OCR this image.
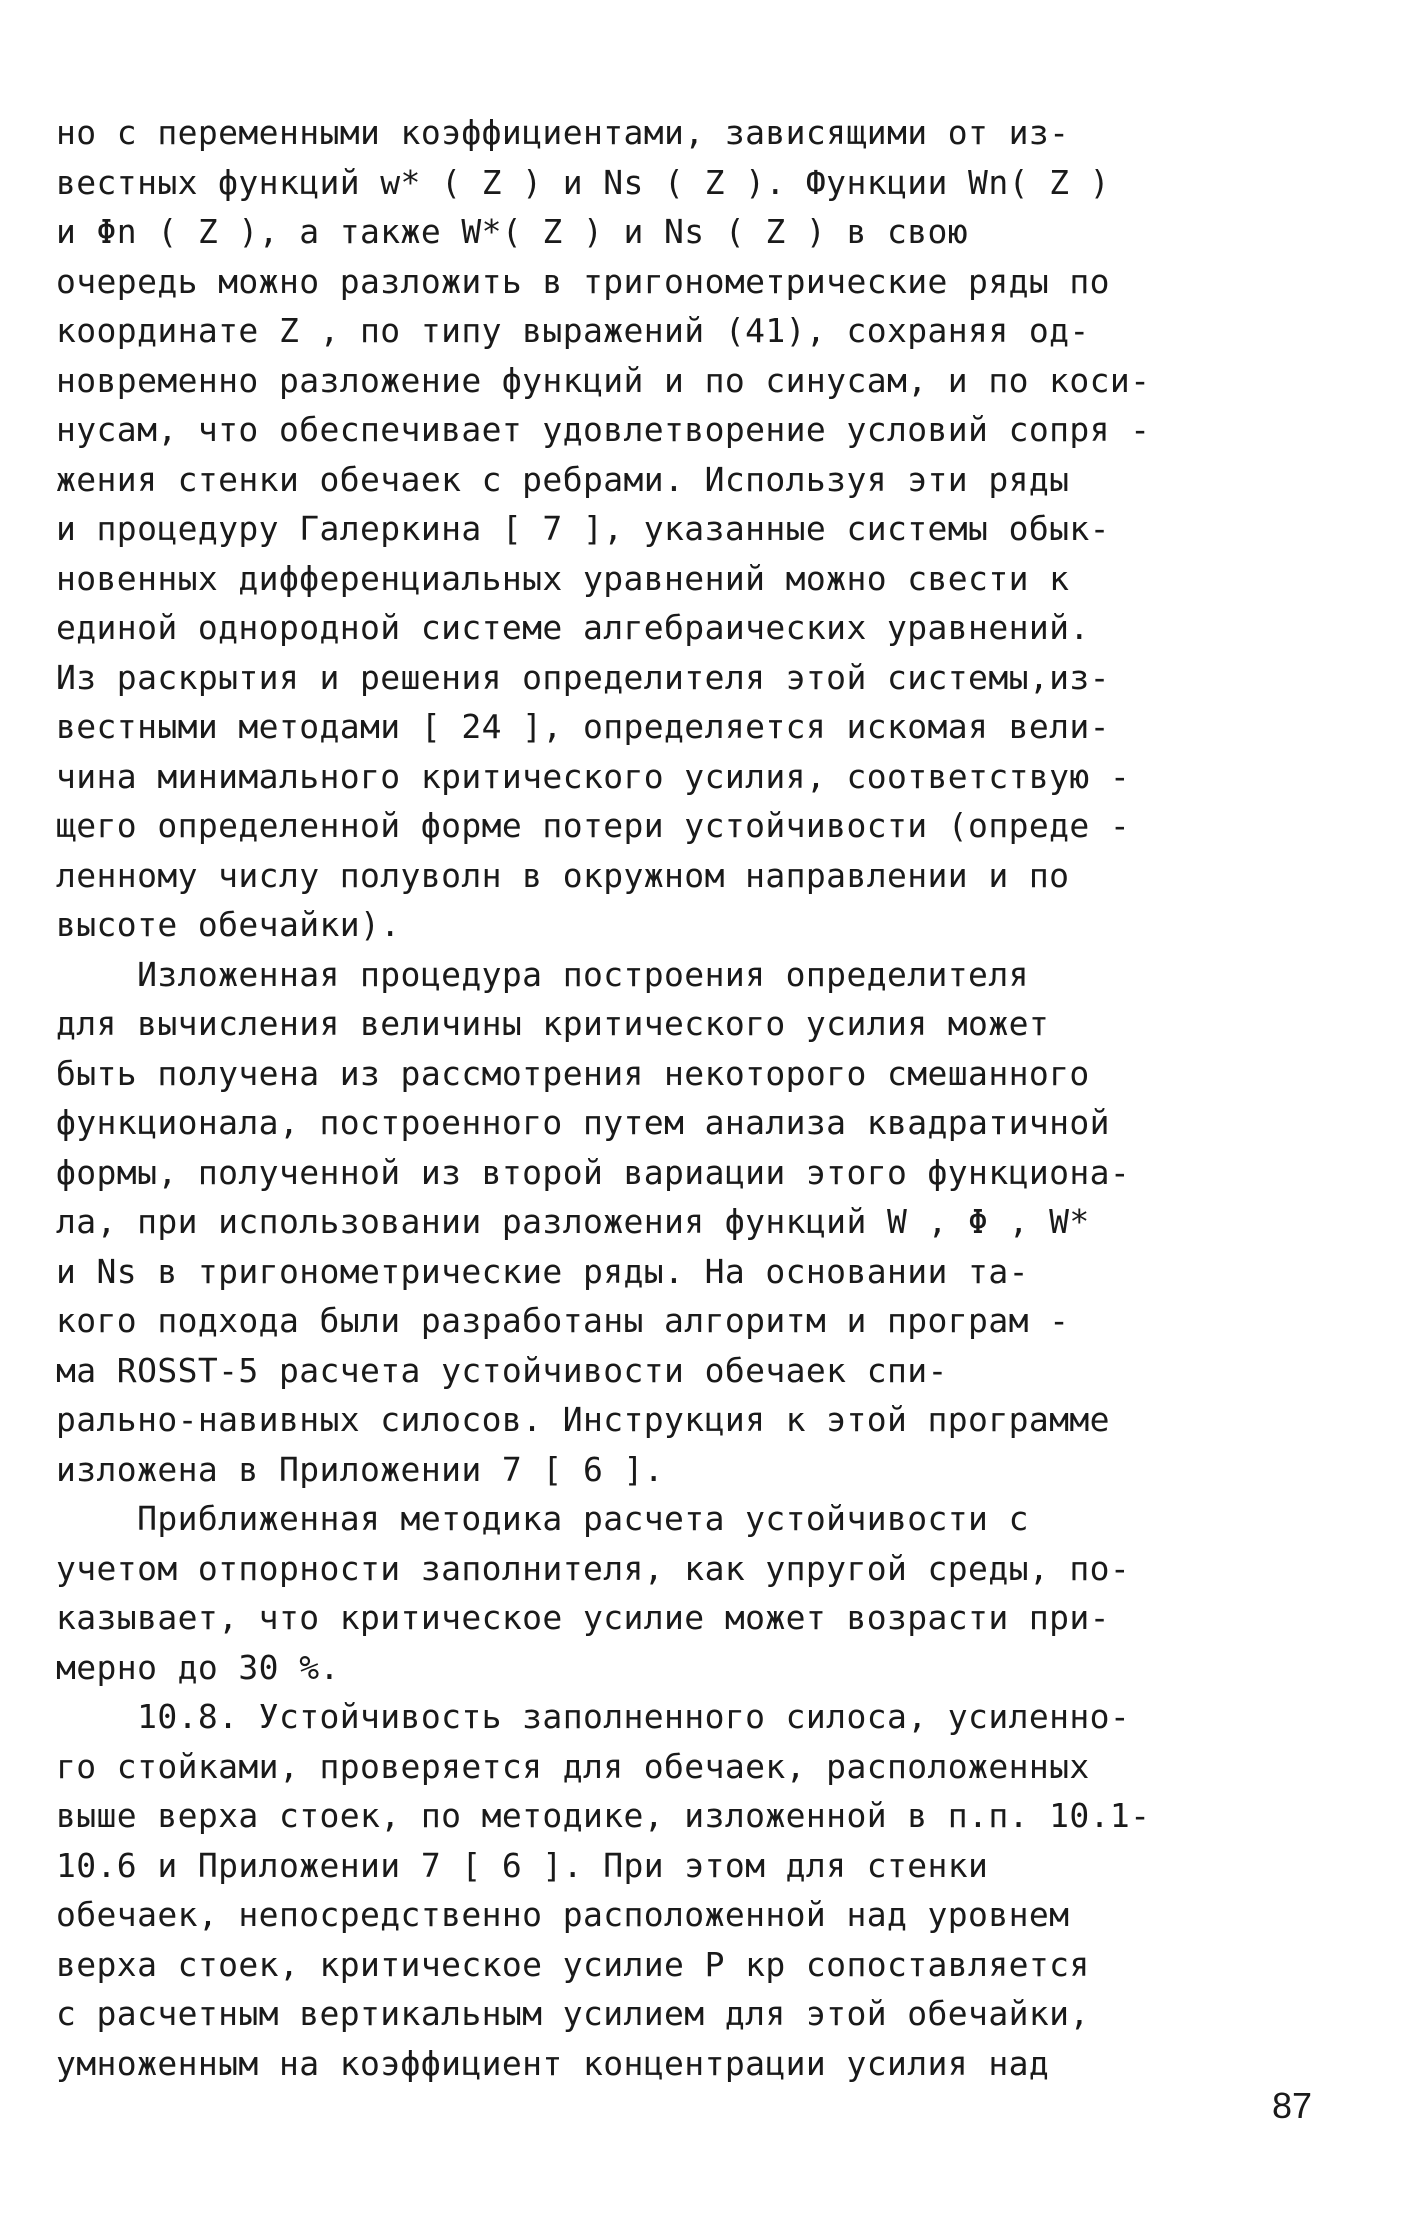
но с переменными коэффициентами, зависящими от из-
вестных функций w* ( Z ) и Ns ( Z ). Функции Wn( Z )
и Φn ( Z ), а также W*( Z ) и Ns ( Z ) в свою
очередь можно разложить в тригонометрические ряды по
координате Z , по типу выражений (41), сохраняя од-
новременно разложение функций и по синусам, и по коси-
нусам, что обеспечивает удовлетворение условий сопря -
жения стенки обечаек с ребрами. Используя эти ряды
и процедуру Галеркина [ 7 ], указанные системы обык-
новенных дифференциальных уравнений можно свести к
единой однородной системе алгебраических уравнений.
Из раскрытия и решения определителя этой системы,из-
вестными методами [ 24 ], определяется искомая вели-
чина минимального критического усилия, соответствую -
щего определенной форме потери устойчивости (опреде -
ленному числу полуволн в окружном направлении и по
высоте обечайки).
Изложенная процедура построения определителя
для вычисления величины критического усилия может
быть получена из рассмотрения некоторого смешанного
функционала, построенного путем анализа квадратичной
формы, полученной из второй вариации этого функциона-
ла, при использовании разложения функций W , Φ , W*
и Ns в тригонометрические ряды. На основании та-
кого подхода были разработаны алгоритм и програм -
ма ROSST-5 расчета устойчивости обечаек спи-
рально-навивных силосов. Инструкция к этой программе
изложена в Приложении 7 [ 6 ].
Приближенная методика расчета устойчивости с
учетом отпорности заполнителя, как упругой среды, по-
казывает, что критическое усилие может возрасти при-
мерно до 30 %.
10.8. Устойчивость заполненного силоса, усиленно-
го стойками, проверяется для обечаек, расположенных
выше верха стоек, по методике, изложенной в п.п. 10.1-
10.6 и Приложении 7 [ 6 ]. При этом для стенки
обечаек, непосредственно расположенной над уровнем
верха стоек, критическое усилие P кр сопоставляется
с расчетным вертикальным усилием для этой обечайки,
умноженным на коэффициент концентрации усилия над
87
